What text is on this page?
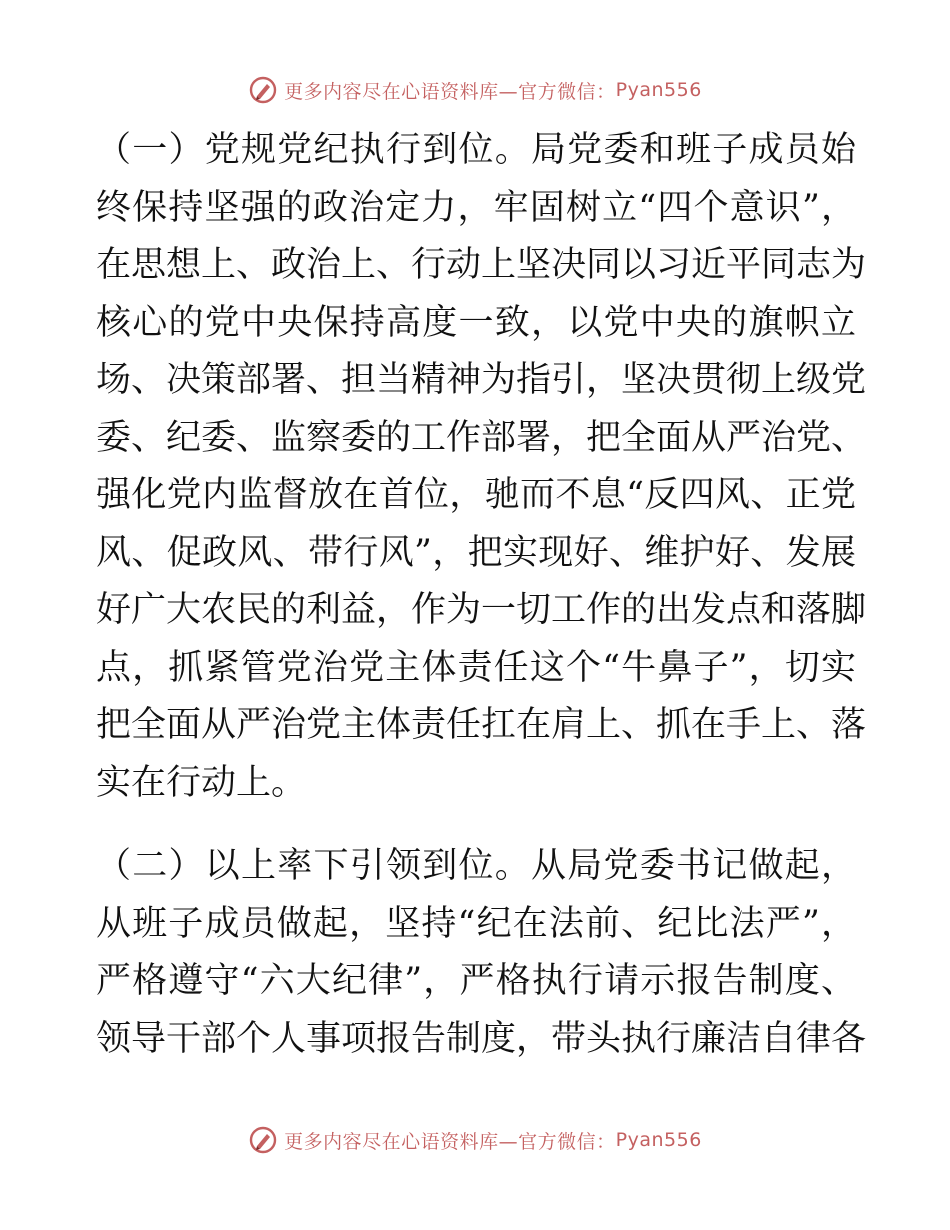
更多内容尽在心语资料库—官方微信： Pyan556
（一）党规党纪执行到位。局党委和班子成员始
终保持坚强的政治定力，牢固树立“四个意识”，
在思想上、政治上、行动上坚决同以习近平同志为
核心的党中央保持高度一致，以党中央的旗帜立
场、决策部署、担当精神为指引，坚决贯彻上级党
委、纪委、监察委的工作部署，把全面从严治党、
强化党内监督放在首位，驰而不息“反四风、正党
风、促政风、带行风”，把实现好、维护好、发展
好广大农民的利益，作为一切工作的出发点和落脚
点，抓紧管党治党主体责任这个“牛鼻子”，切实
把全面从严治党主体责任扛在肩上、抓在手上、落
实在行动上。
（二）以上率下引领到位。从局党委书记做起，
从班子成员做起，坚持“纪在法前、纪比法严”，
严格遵守“六大纪律”，严格执行请示报告制度、
领导干部个人事项报告制度，带头执行廉洁自律各
更多内容尽在心语资料库—官方微信： Pyan556
